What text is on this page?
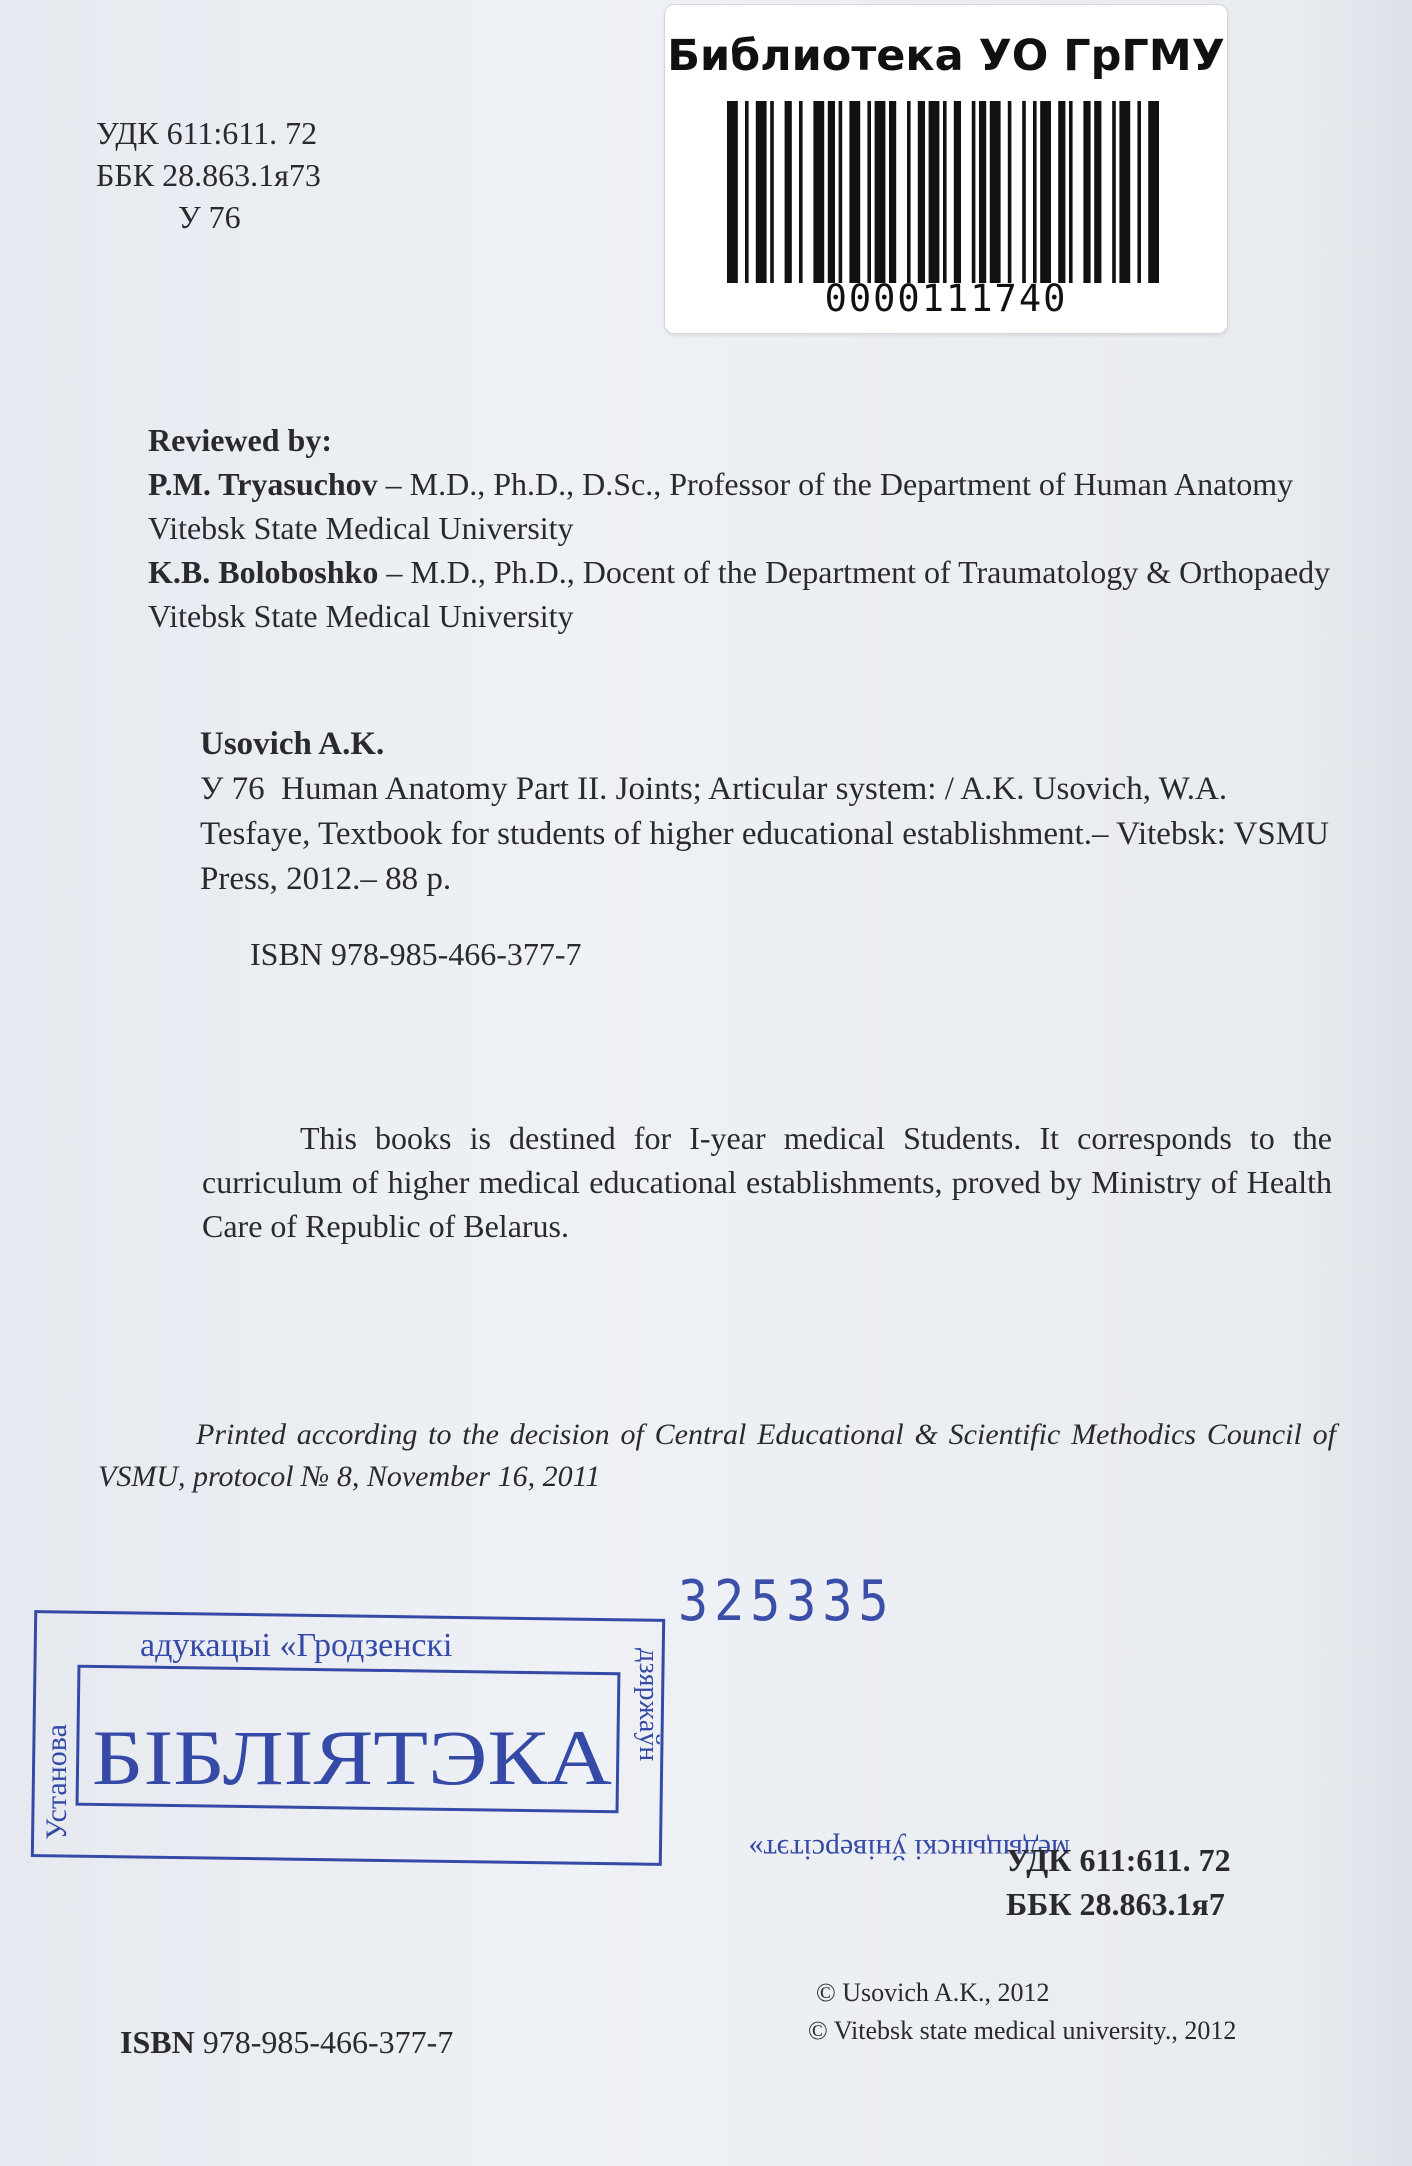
УДК 611:611. 72
ББК 28.863.1я73
У 76
Библиотека УО ГрГМУ
0000111740
Reviewed by:
P.M. Tryasuchov – M.D., Ph.D., D.Sc., Professor of the Department of Human Anatomy Vitebsk State Medical University
K.B. Boloboshko – M.D., Ph.D., Docent of the Department of Traumatology & Orthopaedy Vitebsk State Medical University
Usovich A.K.
У 76 Human Anatomy Part II. Joints; Articular system: / A.K. Usovich, W.A. Tesfaye, Textbook for students of higher educational establishment.– Vitebsk: VSMU Press, 2012.– 88 p.
ISBN 978-985-466-377-7
This books is destined for I-year medical Students. It corresponds to the curriculum of higher medical educational establishments, proved by Ministry of Health Care of Republic of Belarus.
Printed according to the decision of Central Educational & Scientific Methodics Council of VSMU, protocol № 8, November 16, 2011
325335
адукацыі «Гродзенскі
БІБЛІЯТЭКА
Установа
дзяржаўн
медыцынскі ўніверсітэт»
УДК 611:611. 72
ББК 28.863.1я7
© Usovich A.K., 2012
© Vitebsk state medical university., 2012
ISBN 978-985-466-377-7
